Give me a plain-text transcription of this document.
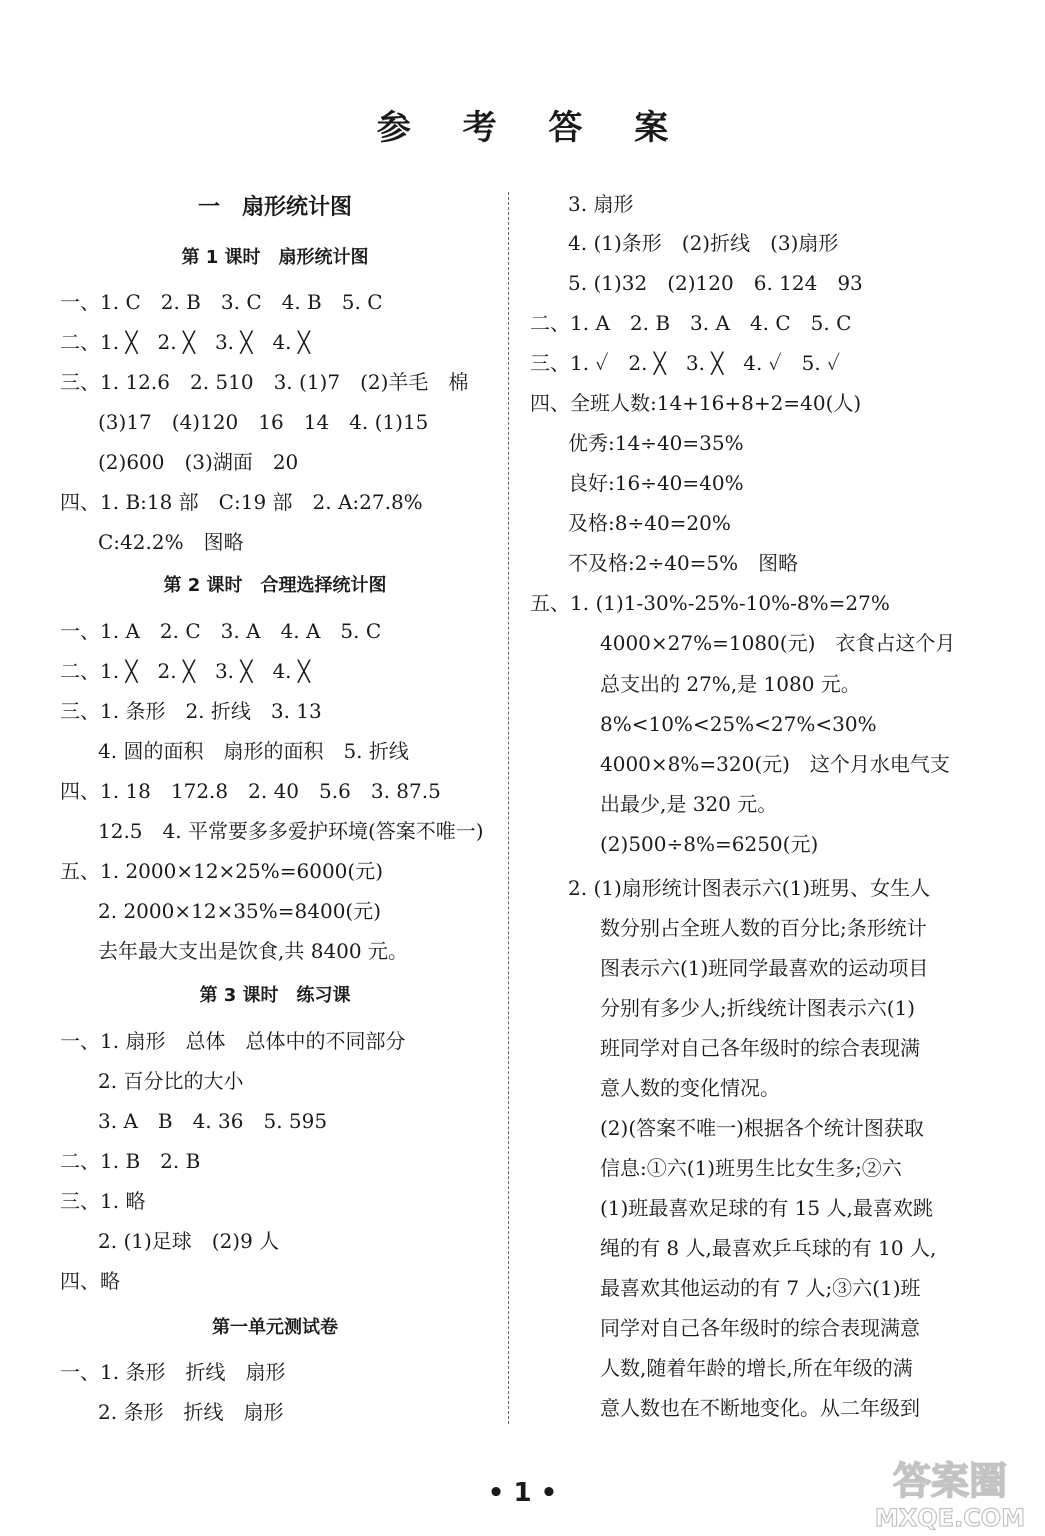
参 考 答 案
一　扇形统计图
第 1 课时　扇形统计图
一、1. C　2. B　3. C　4. B　5. C
二、1. ╳　2. ╳　3. ╳　4. ╳
三、1. 12.6　2. 510　3. (1)7　(2)羊毛　棉
(3)17　(4)120　16　14　4. (1)15
(2)600　(3)湖面　20
四、1. B:18 部　C:19 部　2. A:27.8%
C:42.2%　图略
第 2 课时　合理选择统计图
一、1. A　2. C　3. A　4. A　5. C
二、1. ╳　2. ╳　3. ╳　4. ╳
三、1. 条形　2. 折线　3. 13
4. 圆的面积　扇形的面积　5. 折线
四、1. 18　172.8　2. 40　5.6　3. 87.5
12.5　4. 平常要多多爱护环境(答案不唯一)
五、1. 2000×12×25%=6000(元)
2. 2000×12×35%=8400(元)
去年最大支出是饮食,共 8400 元。
第 3 课时　练习课
一、1. 扇形　总体　总体中的不同部分
2. 百分比的大小
3. A　B　4. 36　5. 595
二、1. B　2. B
三、1. 略
2. (1)足球　(2)9 人
四、略
第一单元测试卷
一、1. 条形　折线　扇形
2. 条形　折线　扇形
3. 扇形
4. (1)条形　(2)折线　(3)扇形
5. (1)32　(2)120　6. 124　93
二、1. A　2. B　3. A　4. C　5. C
三、1. ✓　2. ╳　3. ╳　4. ✓　5. ✓
四、全班人数:14+16+8+2=40(人)
优秀:14÷40=35%
良好:16÷40=40%
及格:8÷40=20%
不及格:2÷40=5%　图略
五、1. (1)1-30%-25%-10%-8%=27%
4000×27%=1080(元)　衣食占这个月
总支出的 27%,是 1080 元。
8%<10%<25%<27%<30%
4000×8%=320(元)　这个月水电气支
出最少,是 320 元。
(2)500÷8%=6250(元)
2. (1)扇形统计图表示六(1)班男、女生人
数分别占全班人数的百分比;条形统计
图表示六(1)班同学最喜欢的运动项目
分别有多少人;折线统计图表示六(1)
班同学对自己各年级时的综合表现满
意人数的变化情况。
(2)(答案不唯一)根据各个统计图获取
信息:①六(1)班男生比女生多;②六
(1)班最喜欢足球的有 15 人,最喜欢跳
绳的有 8 人,最喜欢乒乓球的有 10 人,
最喜欢其他运动的有 7 人;③六(1)班
同学对自己各年级时的综合表现满意
人数,随着年龄的增长,所在年级的满
意人数也在不断地变化。从二年级到
• 1 •	答案圈
MXQE.COM
